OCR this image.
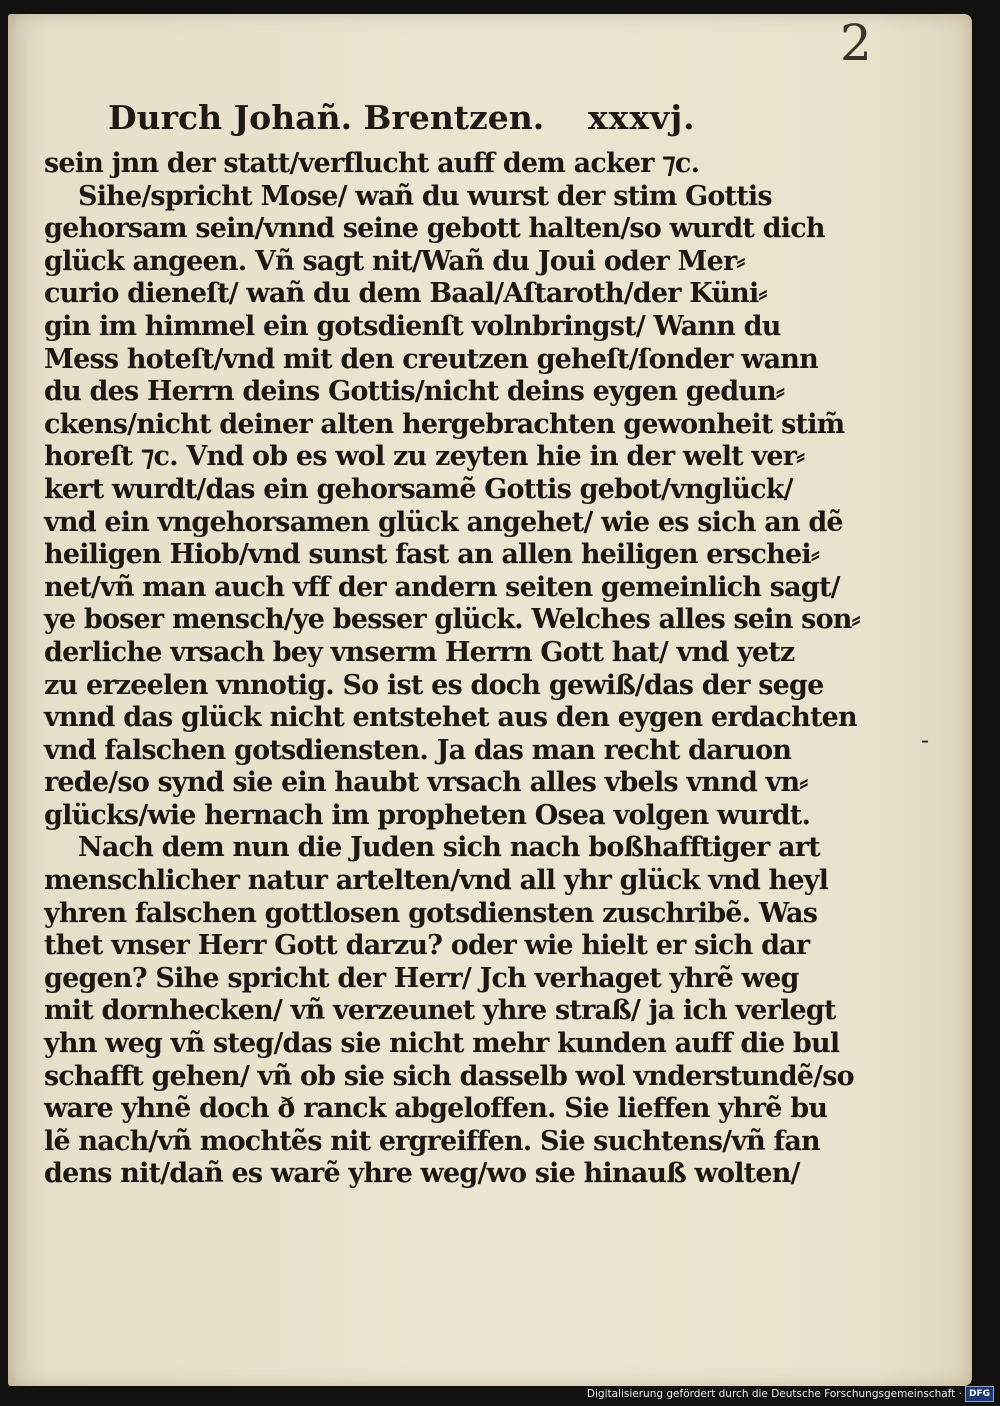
2
Durch Johañ. Brentzen. xxxvj.
sein jnn der statt/verflucht auff dem acker ⁊c.
Sihe/spricht Mose/ wañ du wurst der stim Gottis
gehorsam sein/vnnd seine gebott halten/so wurdt dich
glück angeen. Vñ sagt nit/Wañ du Joui oder Mer⸗
curio dieneſt/ wañ du dem Baal/Aſtaroth/der Küni⸗
gin im himmel ein gotsdienſt volnbringst/ Wann du
Mess hoteſt/vnd mit den creutzen geheſt/ſonder wann
du des Herrn deins Gottis/nicht deins eygen gedun⸗
ckens/nicht deiner alten hergebrachten gewonheit stim̃
horeſt ⁊c. Vnd ob es wol zu zeyten hie in der welt ver⸗
kert wurdt/das ein gehorsamẽ Gottis gebot/vnglück/
vnd ein vngehorsamen glück angehet/ wie es sich an dẽ
heiligen Hiob/vnd sunst fast an allen heiligen erschei⸗
net/vñ man auch vff der andern seiten gemeinlich sagt/
ye boser mensch/ye besser glück. Welches alles sein son⸗
derliche vrsach bey vnserm Herrn Gott hat/ vnd yetz
zu erzeelen vnnotig. So ist es doch gewiß/das der sege
vnnd das glück nicht entstehet aus den eygen erdachten
vnd falschen gotsdiensten. Ja das man recht daruon
rede/so synd sie ein haubt vrsach alles vbels vnnd vn⸗
glücks/wie hernach im propheten Osea volgen wurdt.
Nach dem nun die Juden sich nach boßhafftiger art
menschlicher natur artelten/vnd all yhr glück vnd heyl
yhren falschen gottlosen gotsdiensten zuschribẽ. Was
thet vnser Herr Gott darzu? oder wie hielt er sich dar
gegen? Sihe spricht der Herr/ Jch verhaget yhrẽ weg
mit dornhecken/ vñ verzeunet yhre straß/ ja ich verlegt
yhn weg vñ steg/das sie nicht mehr kunden auff die bul
schafft gehen/ vñ ob sie sich dasselb wol vnderstundẽ/so
ware yhnẽ doch ð ranck abgeloffen. Sie lieffen yhrẽ bu
lẽ nach/vñ mochtẽs nit ergreiffen. Sie suchtens/vñ fan
dens nit/dañ es warẽ yhre weg/wo sie hinauß wolten/
-
Digitalisierung gefördert durch die Deutsche Forschungsgemeinschaft · DFG
